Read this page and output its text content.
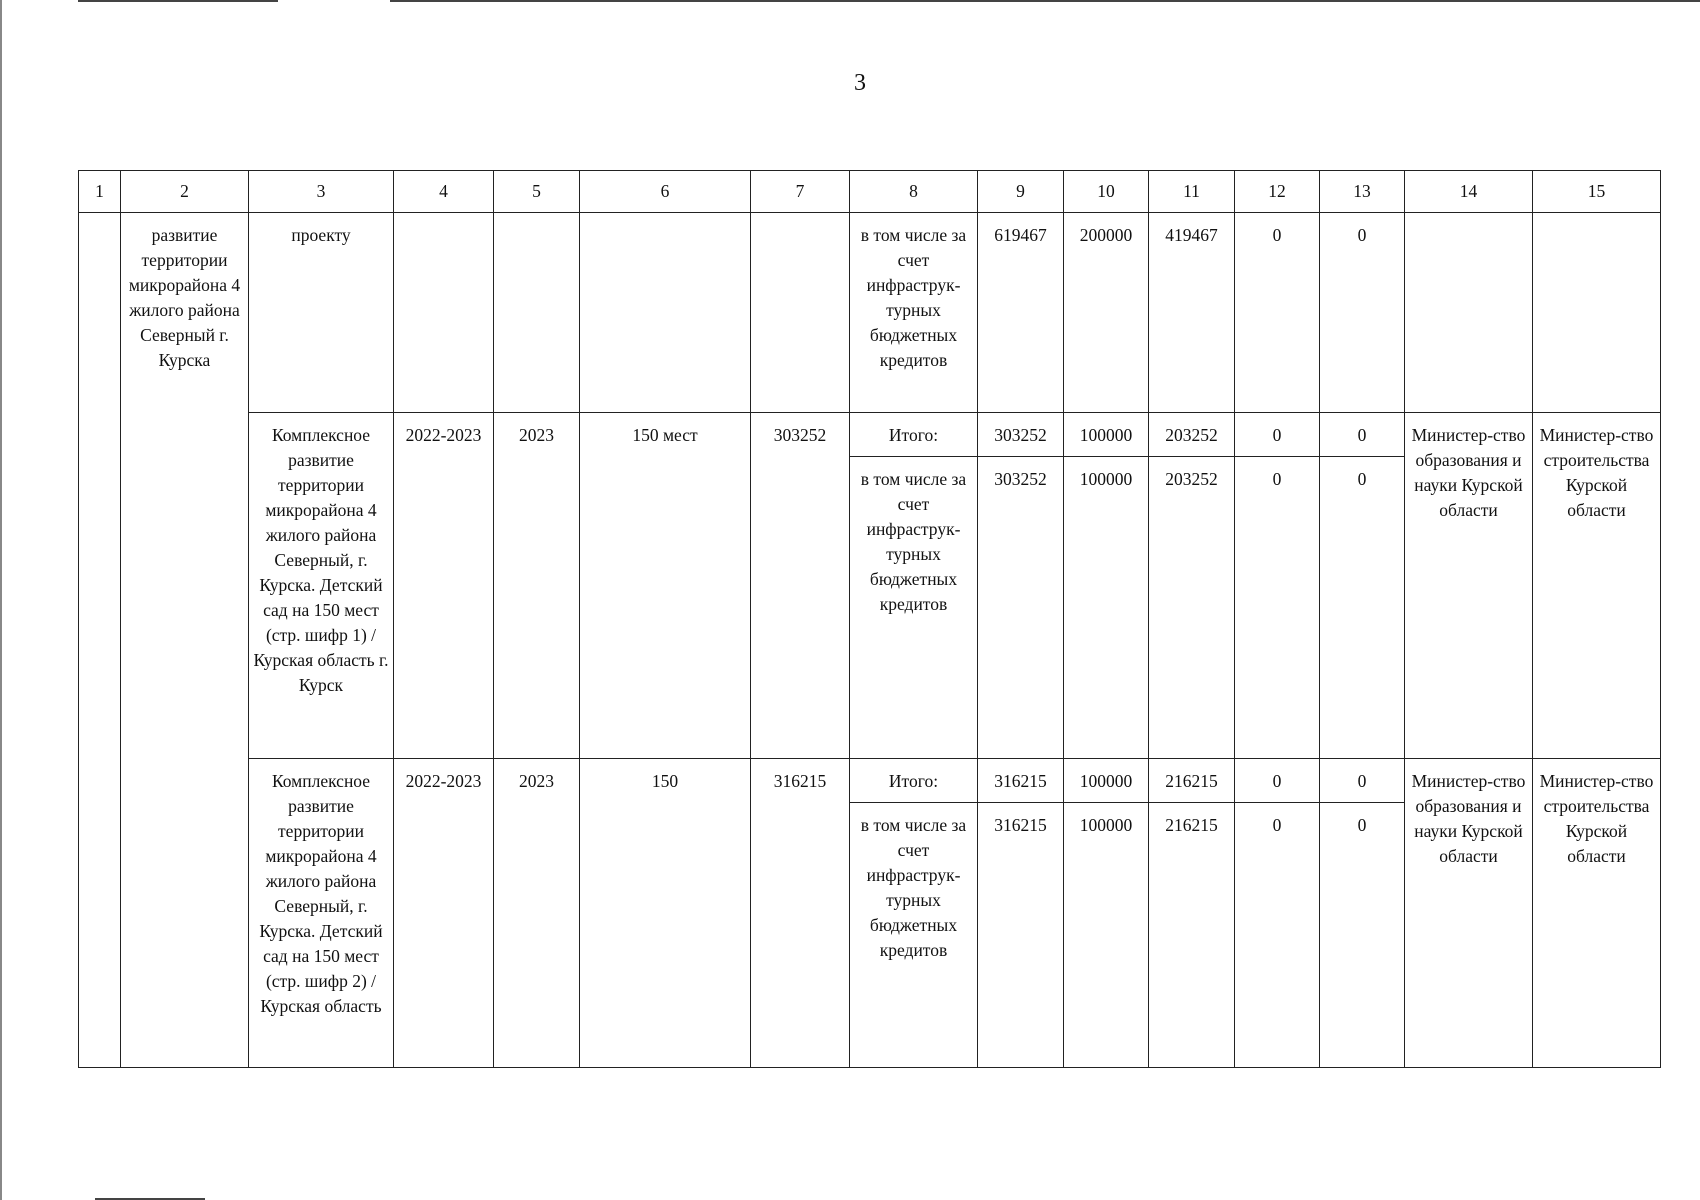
3
1	2	3	4	5	6	7	8	9	10	11	12	13	14	15
	развитие территории микрорайона 4 жилого района Северный г. Курска	проекту					в том числе за счет инфраструк-турных бюджетных кредитов	619467	200000	419467	0	0		
		Комплексное развитие территории микрорайона 4 жилого района Северный, г. Курска. Детский сад на 150 мест (стр. шифр 1) / Курская область г. Курск	2022-2023	2023	150 мест	303252	Итого:	303252	100000	203252	0	0	Министер-ство образования и науки Курской области	Министер-ство строительства Курской области
							в том числе за счет инфраструк-турных бюджетных кредитов	303252	100000	203252	0	0		
		Комплексное развитие территории микрорайона 4 жилого района Северный, г. Курска. Детский сад на 150 мест (стр. шифр 2) / Курская область	2022-2023	2023	150	316215	Итого:	316215	100000	216215	0	0	Министер-ство образования и науки Курской области	Министер-ство строительства Курской области
							в том числе за счет инфраструк-турных бюджетных кредитов	316215	100000	216215	0	0		
